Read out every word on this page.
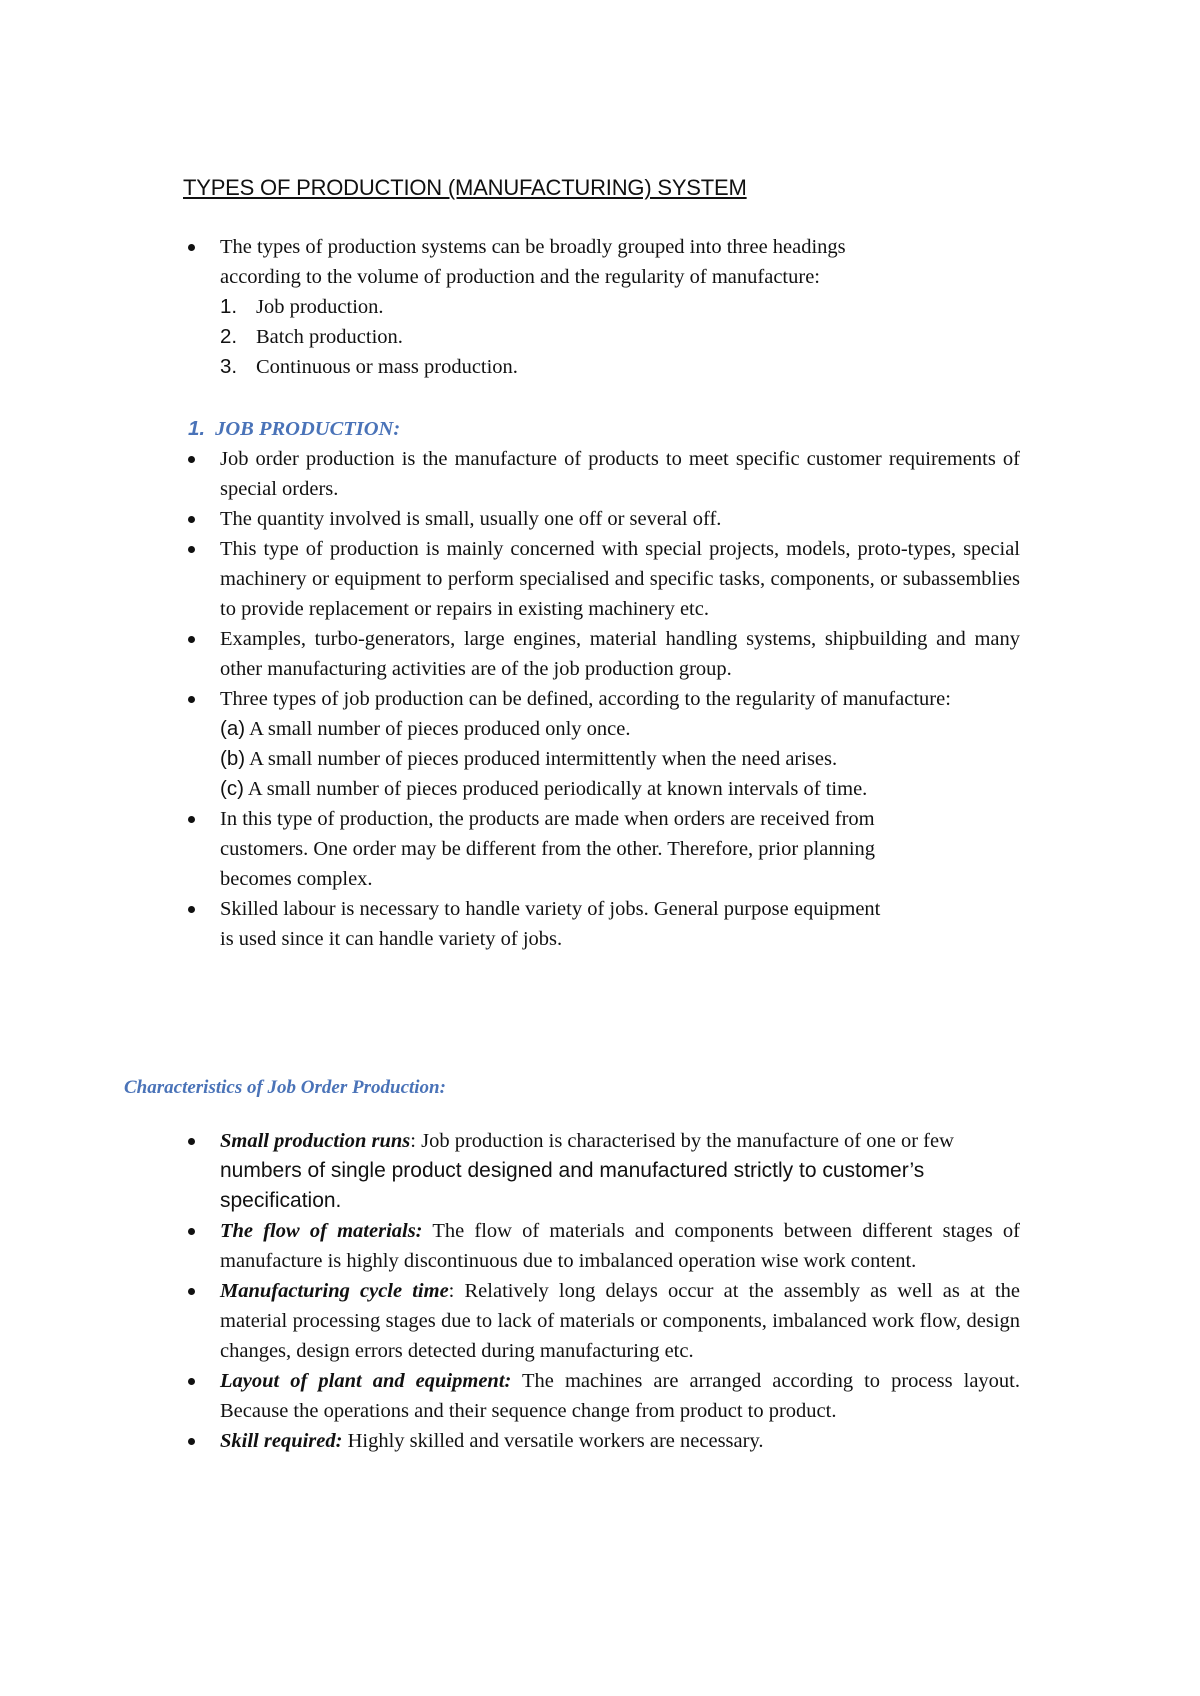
TYPES OF PRODUCTION (MANUFACTURING) SYSTEM
The types of production systems can be broadly grouped into three headings
according to the volume of production and the regularity of manufacture:
1. Job production.
2. Batch production.
3. Continuous or mass production.
1. JOB PRODUCTION:
Job order production is the manufacture of products to meet specific customer requirements of special orders.
The quantity involved is small, usually one off or several off.
This type of production is mainly concerned with special projects, models, proto-types, special machinery or equipment to perform specialised and specific tasks, components, or subassemblies to provide replacement or repairs in existing machinery etc.
Examples, turbo-generators, large engines, material handling systems, shipbuilding and many other manufacturing activities are of the job production group.
Three types of job production can be defined, according to the regularity of manufacture:
(a) A small number of pieces produced only once.
(b) A small number of pieces produced intermittently when the need arises.
(c) A small number of pieces produced periodically at known intervals of time.
In this type of production, the products are made when orders are received from
customers. One order may be different from the other. Therefore, prior planning
becomes complex.
Skilled labour is necessary to handle variety of jobs. General purpose equipment
is used since it can handle variety of jobs.
Characteristics of Job Order Production:
Small production runs: Job production is characterised by the manufacture of one or few
numbers of single product designed and manufactured strictly to customer’s
specification.
The flow of materials: The flow of materials and components between different stages of manufacture is highly discontinuous due to imbalanced operation wise work content.
Manufacturing cycle time: Relatively long delays occur at the assembly as well as at the material processing stages due to lack of materials or components, imbalanced work flow, design changes, design errors detected during manufacturing etc.
Layout of plant and equipment: The machines are arranged according to process layout. Because the operations and their sequence change from product to product.
Skill required: Highly skilled and versatile workers are necessary.
